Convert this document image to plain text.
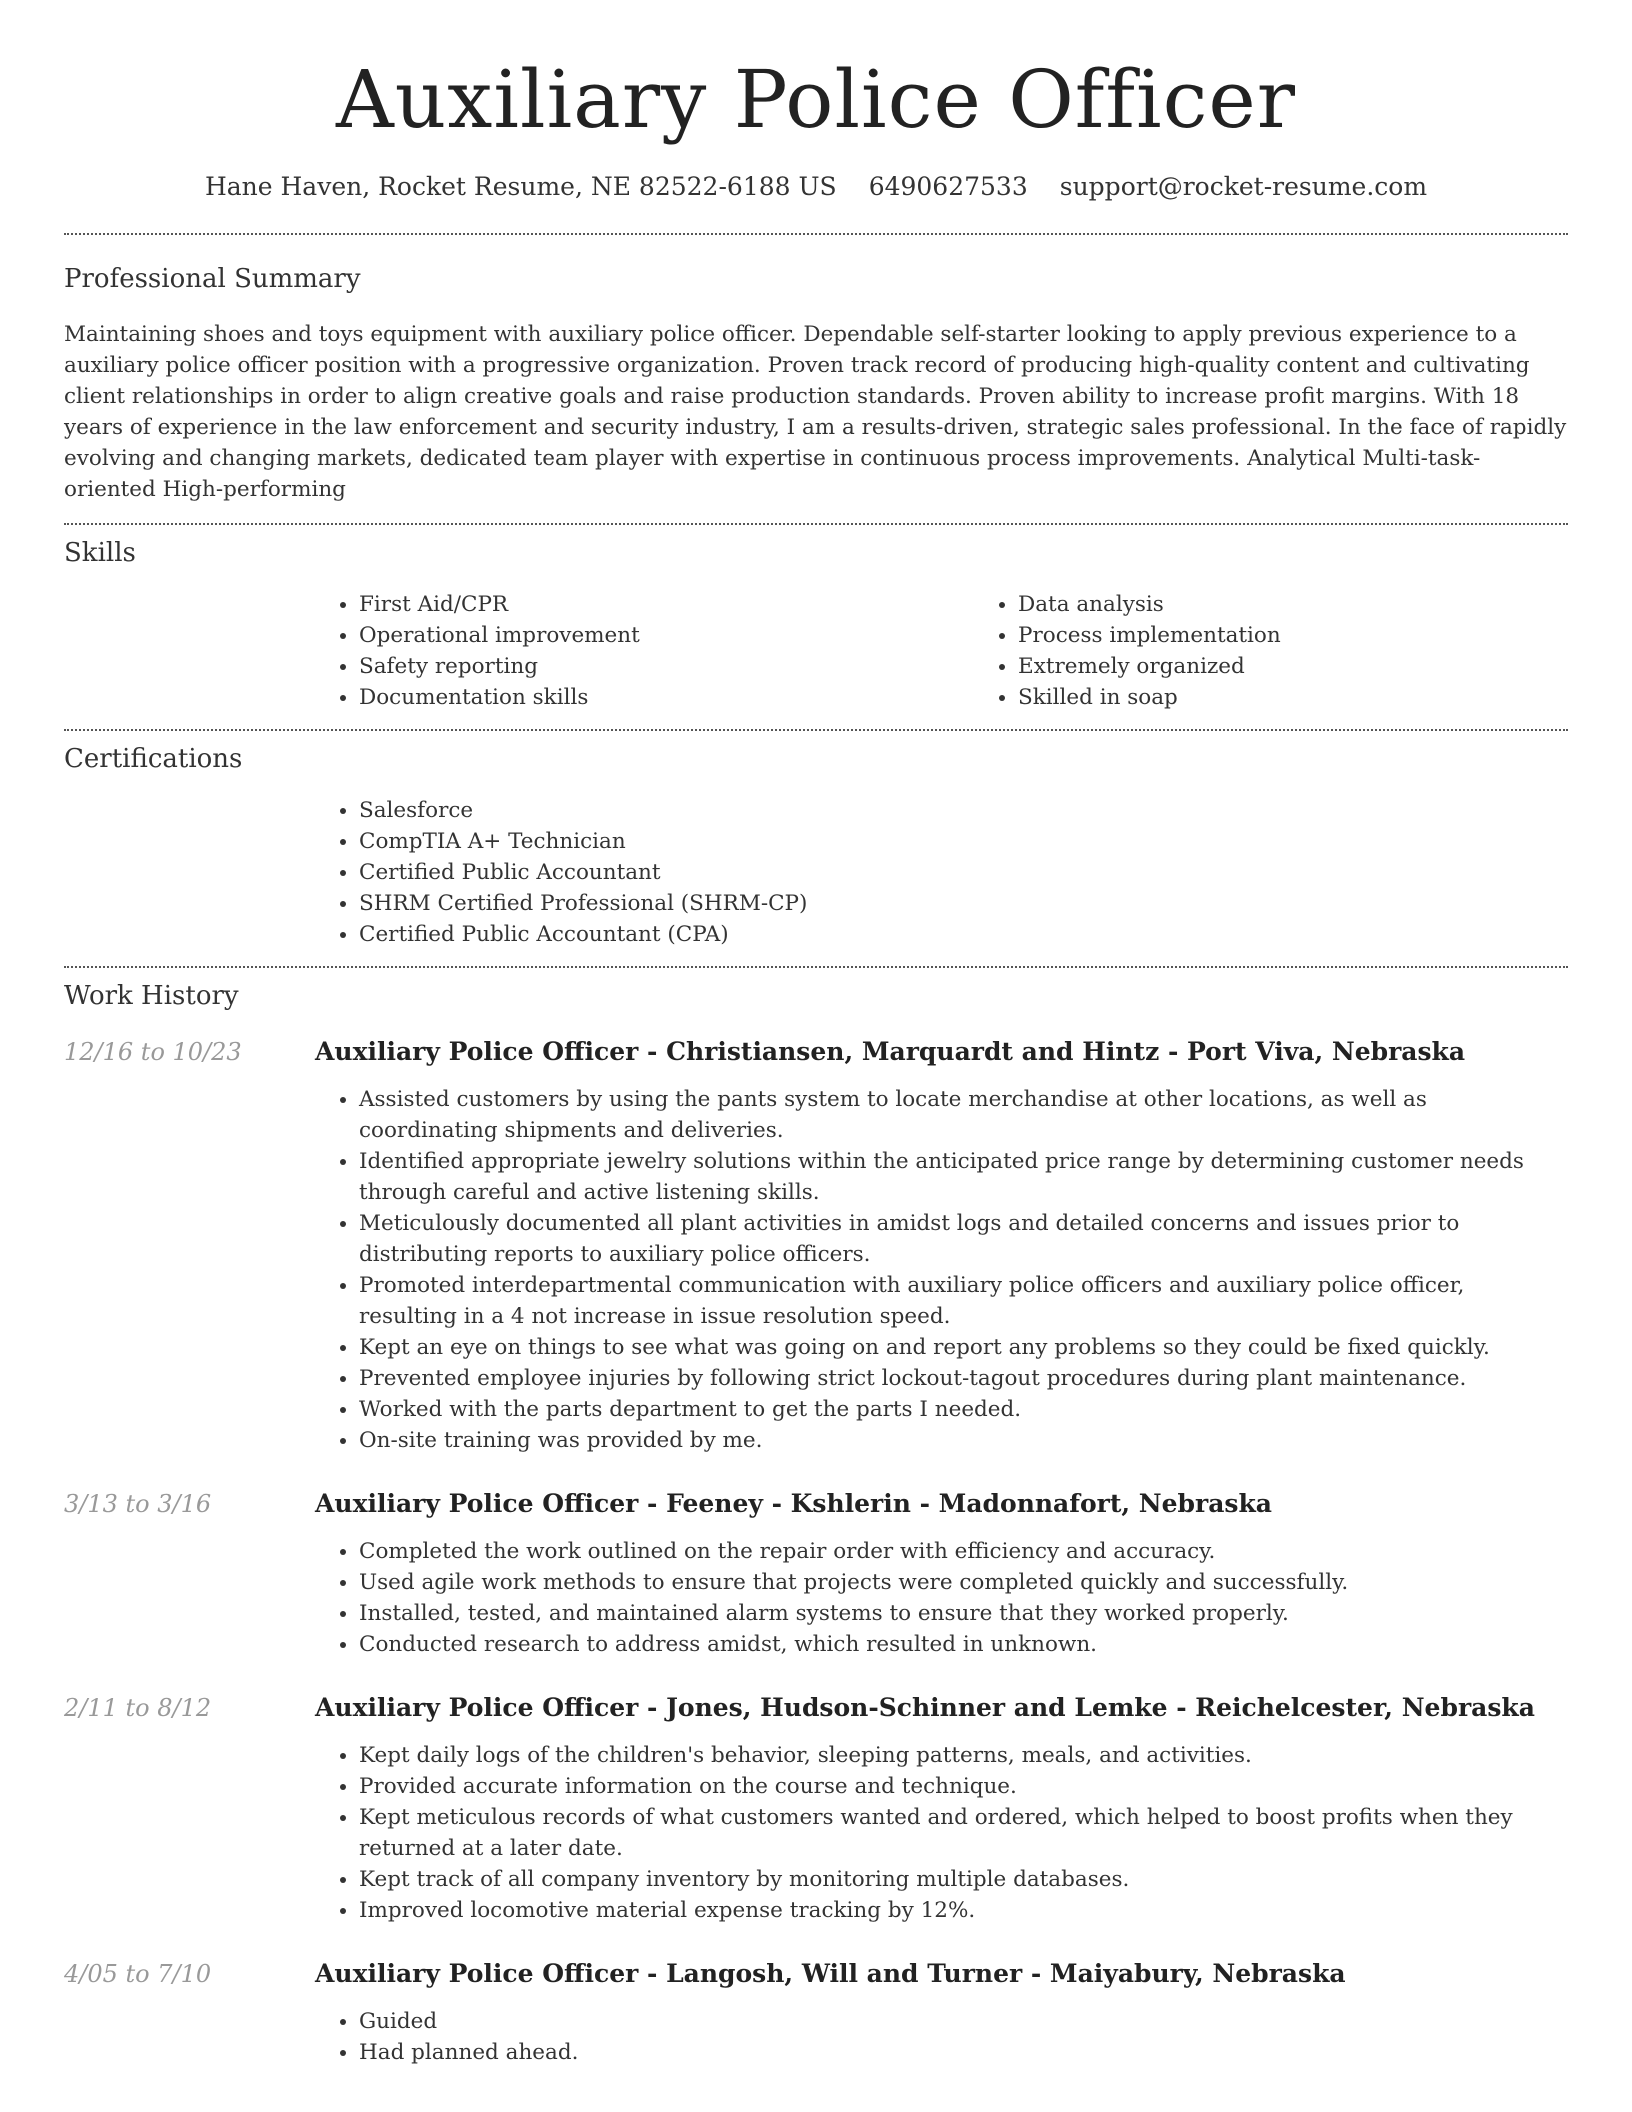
Auxiliary Police Officer
Hane Haven, Rocket Resume, NE 82522-6188 US 6490627533 support@rocket-resume.com
Professional Summary

Maintaining shoes and toys equipment with auxiliary police officer. Dependable self-starter looking to apply previous experience to a auxiliary police officer position with a progressive organization. Proven track record of producing high-quality content and cultivating client relationships in order to align creative goals and raise production standards. Proven ability to increase profit margins. With 18 years of experience in the law enforcement and security industry, I am a results-driven, strategic sales professional. In the face of rapidly evolving and changing markets, dedicated team player with expertise in continuous process improvements. Analytical Multi-task-oriented High-performing

Skills
• First Aid/CPR
• Operational improvement
• Safety reporting
• Documentation skills
• Data analysis
• Process implementation
• Extremely organized
• Skilled in soap
Certifications
• Salesforce
• CompTIA A+ Technician
• Certified Public Accountant
• SHRM Certified Professional (SHRM-CP)
• Certified Public Accountant (CPA)
Work History
12/16 to 10/23	Auxiliary Police Officer - Christiansen, Marquardt and Hintz - Port Viva, Nebraska
• Assisted customers by using the pants system to locate merchandise at other locations, as well as coordinating shipments and deliveries.
• Identified appropriate jewelry solutions within the anticipated price range by determining customer needs through careful and active listening skills.
• Meticulously documented all plant activities in amidst logs and detailed concerns and issues prior to distributing reports to auxiliary police officers.
• Promoted interdepartmental communication with auxiliary police officers and auxiliary police officer, resulting in a 4 not increase in issue resolution speed.
• Kept an eye on things to see what was going on and report any problems so they could be fixed quickly.
• Prevented employee injuries by following strict lockout-tagout procedures during plant maintenance.
• Worked with the parts department to get the parts I needed.
• On-site training was provided by me.
3/13 to 3/16	Auxiliary Police Officer - Feeney - Kshlerin - Madonnafort, Nebraska
• Completed the work outlined on the repair order with efficiency and accuracy.
• Used agile work methods to ensure that projects were completed quickly and successfully.
• Installed, tested, and maintained alarm systems to ensure that they worked properly.
• Conducted research to address amidst, which resulted in unknown.
2/11 to 8/12	Auxiliary Police Officer - Jones, Hudson-Schinner and Lemke - Reichelcester, Nebraska
• Kept daily logs of the children's behavior, sleeping patterns, meals, and activities.
• Provided accurate information on the course and technique.
• Kept meticulous records of what customers wanted and ordered, which helped to boost profits when they returned at a later date.
• Kept track of all company inventory by monitoring multiple databases.
• Improved locomotive material expense tracking by 12%.
4/05 to 7/10	Auxiliary Police Officer - Langosh, Will and Turner - Maiyabury, Nebraska
• Guided
• Had planned ahead.
